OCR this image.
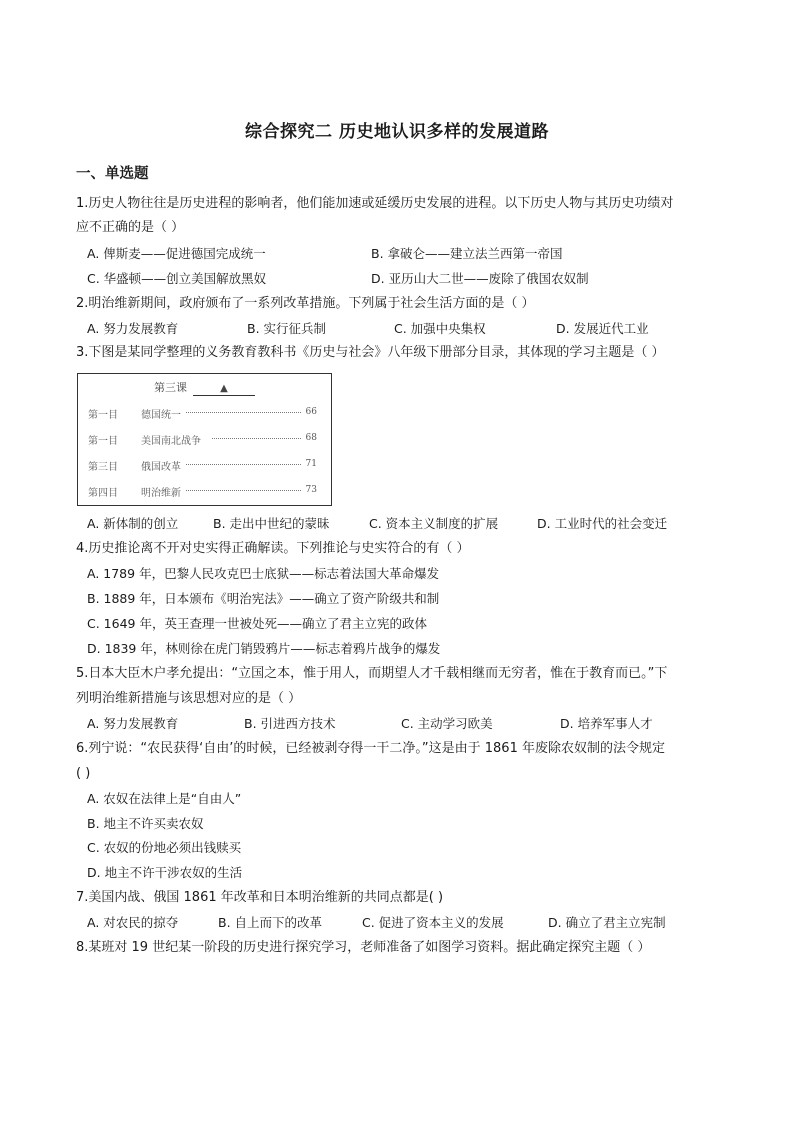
综合探究二 历史地认识多样的发展道路
一、单选题
1.历史人物往往是历史进程的影响者，他们能加速或延缓历史发展的进程。以下历史人物与其历史功绩对
应不正确的是（ ）
A. 俾斯麦——促进德国完成统一	B. 拿破仑——建立法兰西第一帝国
C. 华盛顿——创立美国解放黑奴	D. 亚历山大二世——废除了俄国农奴制
2.明治维新期间，政府颁布了一系列改革措施。下列属于社会生活方面的是（ ）
A. 努力发展教育	B. 实行征兵制	C. 加强中央集权	D. 发展近代工业
3.下图是某同学整理的义务教育教科书《历史与社会》八年级下册部分目录，其体现的学习主题是（ ）
第三课	▲
第一目 德国统一	66
第一目 美国南北战争	68
第三目 俄国改革	71
第四目 明治维新	73
A. 新体制的创立	B. 走出中世纪的蒙昧	C. 资本主义制度的扩展	D. 工业时代的社会变迁
4.历史推论离不开对史实得正确解读。下列推论与史实符合的有（ ）
A. 1789 年，巴黎人民攻克巴士底狱——标志着法国大革命爆发
B. 1889 年，日本颁布《明治宪法》——确立了资产阶级共和制
C. 1649 年，英王查理一世被处死——确立了君主立宪的政体
D. 1839 年，林则徐在虎门销毁鸦片——标志着鸦片战争的爆发
5.日本大臣木户孝允提出：“立国之本，惟于用人，而期望人才千载相继而无穷者，惟在于教育而已。”下
列明治维新措施与该思想对应的是（ ）
A. 努力发展教育	B. 引进西方技术	C. 主动学习欧美	D. 培养军事人才
6.列宁说：“农民获得‘自由’的时候，已经被剥夺得一干二净。”这是由于 1861 年废除农奴制的法令规定
( )
A. 农奴在法律上是“自由人”
B. 地主不许买卖农奴
C. 农奴的份地必须出钱赎买
D. 地主不许干涉农奴的生活
7.美国内战、俄国 1861 年改革和日本明治维新的共同点都是( )
A. 对农民的掠夺	B. 自上而下的改革	C. 促进了资本主义的发展	D. 确立了君主立宪制
8.某班对 19 世纪某一阶段的历史进行探究学习，老师准备了如图学习资料。据此确定探究主题（ ）
